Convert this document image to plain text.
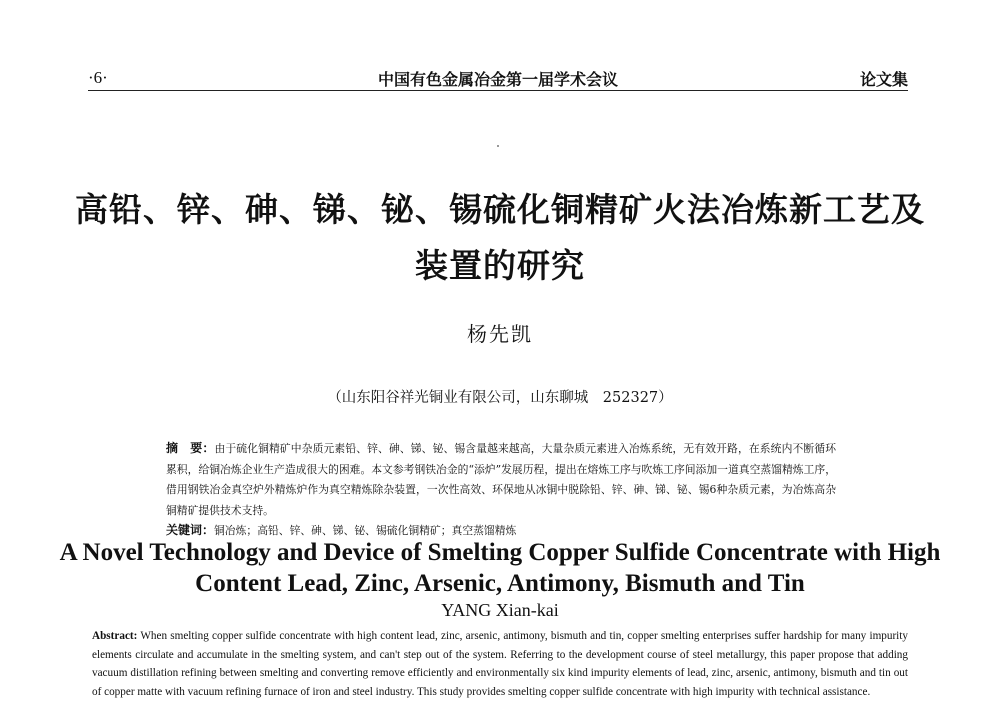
·6·	中国有色金属冶金第一届学术会议	论文集
高铅、锌、砷、锑、铋、锡硫化铜精矿火法冶炼新工艺及装置的研究
杨先凯
（山东阳谷祥光铜业有限公司，山东聊城　252327）
摘　要：由于硫化铜精矿中杂质元素铅、锌、砷、锑、铋、锡含量越来越高，大量杂质元素进入冶炼系统，无有效开路，在系统内不断循环累积，给铜冶炼企业生产造成很大的困难。本文参考钢铁冶金的“添炉”发展历程，提出在熔炼工序与吹炼工序间添加一道真空蒸馏精炼工序，借用钢铁冶金真空炉外精炼炉作为真空精炼除杂装置，一次性高效、环保地从冰铜中脱除铅、锌、砷、锑、铋、锡6种杂质元素，为冶炼高杂铜精矿提供技术支持。
关键词：铜冶炼；高铅、锌、砷、锑、铋、锡硫化铜精矿；真空蒸馏精炼
A Novel Technology and Device of Smelting Copper Sulfide Concentrate with High Content Lead, Zinc, Arsenic, Antimony, Bismuth and Tin
YANG Xian-kai
Abstract: When smelting copper sulfide concentrate with high content lead, zinc, arsenic, antimony, bismuth and tin, copper smelting enterprises suffer hardship for many impurity elements circulate and accumulate in the smelting system, and can't step out of the system. Referring to the development course of steel metallurgy, this paper propose that adding vacuum distillation refining between smelting and converting remove efficiently and environmentally six kind impurity elements of lead, zinc, arsenic, antimony, bismuth and tin out of copper matte with vacuum refining furnace of iron and steel industry. This study provides smelting copper sulfide concentrate with high impurity with technical assistance.
